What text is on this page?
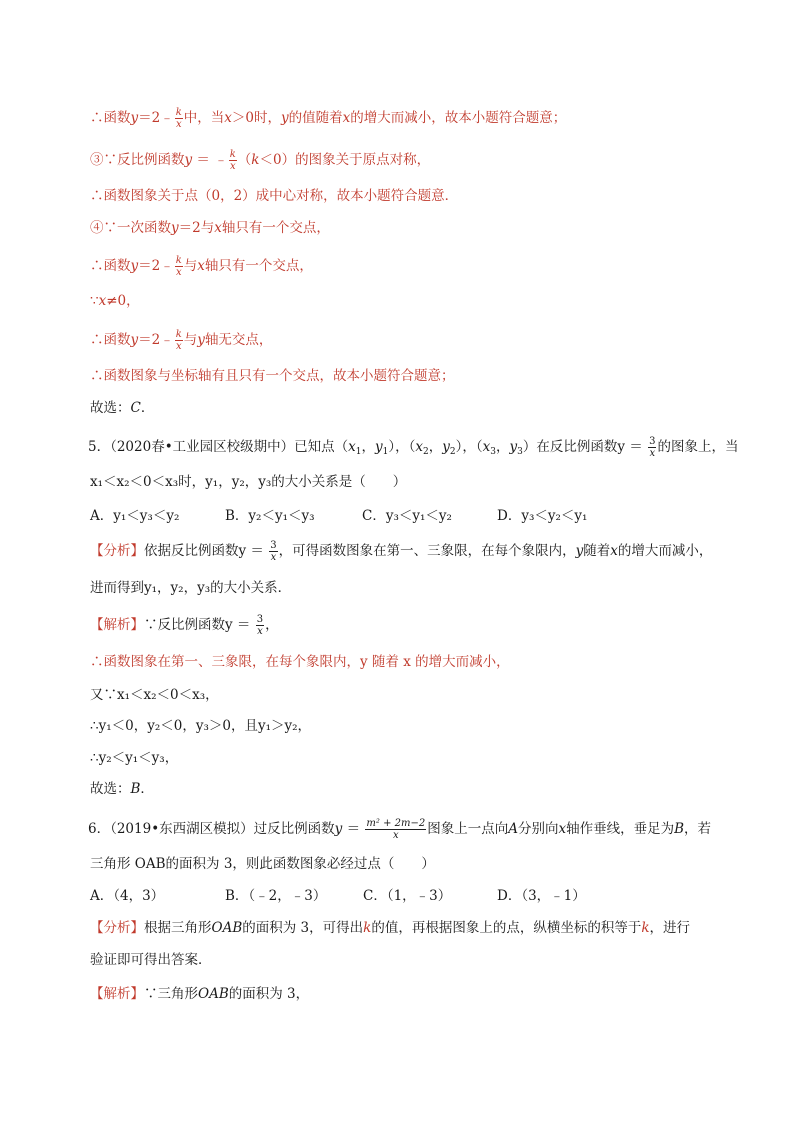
∴函数y＝2﹣ $\frac{k}{x}$ 中，当x＞0时，y的值随着x的增大而减小，故本小题符合题意；
③∵反比例函数y ＝ ﹣ $\frac{k}{x} (k<0)$的图象关于原点对称，
∴函数图象关于点（0，2）成中心对称，故本小题符合题意．
④∵一次函数y＝2与x轴只有一个交点，
∴函数y＝2﹣ $\frac{k}{x}$ 与x轴只有一个交点，
∵x≠0，
∴函数y＝2﹣ $\frac{k}{x}$ 与y轴无交点，
∴函数图象与坐标轴有且只有一个交点，故本小题符合题意；
故选：C．
5．（2020春•工业园区校级期中）已知点（$x_1$，$y_1$），（$x_2$，$y_2$），（$x_3$，$y_3$）在反比例函数$y = \frac{3}{x}$ 的图象上，当
x₁＜x₂＜0＜x₃时，y₁，y₂，y₃的大小关系是（　　）
A．y₁＜y₃＜y₂	B．y₂＜y₁＜y₃	C．y₃＜y₁＜y₂	D．y₃＜y₂＜y₁
【分析】依据反比例函数$y = \frac{3}{x}$ ，可得函数图象在第一、三象限，在每个象限内，y随着x的增大而减小，
进而得到y₁，y₂，y₃的大小关系．
【解析】∵反比例函数$y = \frac{3}{x}$ ，
∴函数图象在第一、三象限，在每个象限内，y 随着 x 的增大而减小，
又∵x₁＜x₂＜0＜x₃，
∴y₁＜0，y₂＜0，y₃＞0，且y₁＞y₂，
∴y₂＜y₁＜y₃，
故选：B．
6．（2019•东西湖区模拟）过反比例函数$y = \frac{\text{m² + 2m−2}}{x}$ 图象上一点向A分别向x轴作垂线，垂足为B，若
三角形 OAB的面积为 3，则此函数图象必经过点（　　）
A．（4，3）	B．（﹣2，﹣3）	C．（1，﹣3）	D．（3，﹣1）
【分析】根据三角形OAB的面积为 3，可得出k的值，再根据图象上的点，纵横坐标的积等于k，进行
验证即可得出答案．
【解析】∵三角形OAB的面积为 3，
